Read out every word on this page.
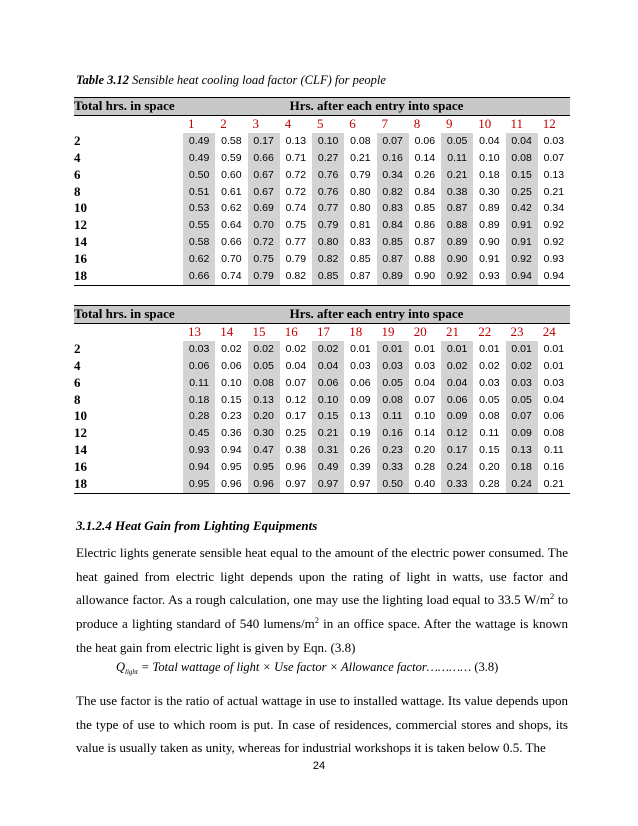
Table 3.12 Sensible heat cooling load factor (CLF) for people
Total hrs. in space	Hrs. after each entry into space											
	1	2	3	4	5	6	7	8	9	10	11	12
2	0.49	0.58	0.17	0.13	0.10	0.08	0.07	0.06	0.05	0.04	0.04	0.03
4	0.49	0.59	0.66	0.71	0.27	0.21	0.16	0.14	0.11	0.10	0.08	0.07
6	0.50	0.60	0.67	0.72	0.76	0.79	0.34	0.26	0.21	0.18	0.15	0.13
8	0.51	0.61	0.67	0.72	0.76	0.80	0.82	0.84	0.38	0.30	0.25	0.21
10	0.53	0.62	0.69	0.74	0.77	0.80	0.83	0.85	0.87	0.89	0.42	0.34
12	0.55	0.64	0.70	0.75	0.79	0.81	0.84	0.86	0.88	0.89	0.91	0.92
14	0.58	0.66	0.72	0.77	0.80	0.83	0.85	0.87	0.89	0.90	0.91	0.92
16	0.62	0.70	0.75	0.79	0.82	0.85	0.87	0.88	0.90	0.91	0.92	0.93
18	0.66	0.74	0.79	0.82	0.85	0.87	0.89	0.90	0.92	0.93	0.94	0.94
Total hrs. in space	Hrs. after each entry into space											
	13	14	15	16	17	18	19	20	21	22	23	24
2	0.03	0.02	0.02	0.02	0.02	0.01	0.01	0.01	0.01	0.01	0.01	0.01
4	0.06	0.06	0.05	0.04	0.04	0.03	0.03	0.03	0.02	0.02	0.02	0.01
6	0.11	0.10	0.08	0.07	0.06	0.06	0.05	0.04	0.04	0.03	0.03	0.03
8	0.18	0.15	0.13	0.12	0.10	0.09	0.08	0.07	0.06	0.05	0.05	0.04
10	0.28	0.23	0.20	0.17	0.15	0.13	0.11	0.10	0.09	0.08	0.07	0.06
12	0.45	0.36	0.30	0.25	0.21	0.19	0.16	0.14	0.12	0.11	0.09	0.08
14	0.93	0.94	0.47	0.38	0.31	0.26	0.23	0.20	0.17	0.15	0.13	0.11
16	0.94	0.95	0.95	0.96	0.49	0.39	0.33	0.28	0.24	0.20	0.18	0.16
18	0.95	0.96	0.96	0.97	0.97	0.97	0.50	0.40	0.33	0.28	0.24	0.21
3.1.2.4 Heat Gain from Lighting Equipments
Electric lights generate sensible heat equal to the amount of the electric power consumed. The heat gained from electric light depends upon the rating of light in watts, use factor and allowance factor. As a rough calculation, one may use the lighting load equal to 33.5 $W/m^2$ to produce a lighting standard of 540 lumens/$m^2$ in an office space. After the wattage is known the heat gain from electric light is given by Eqn. (3.8)
$Q_{light}$ = Total wattage of light × Use factor × Allowance factor………… (3.8)
The use factor is the ratio of actual wattage in use to installed wattage. Its value depends upon the type of use to which room is put. In case of residences, commercial stores and shops, its value is usually taken as unity, whereas for industrial workshops it is taken below 0.5. The
24
